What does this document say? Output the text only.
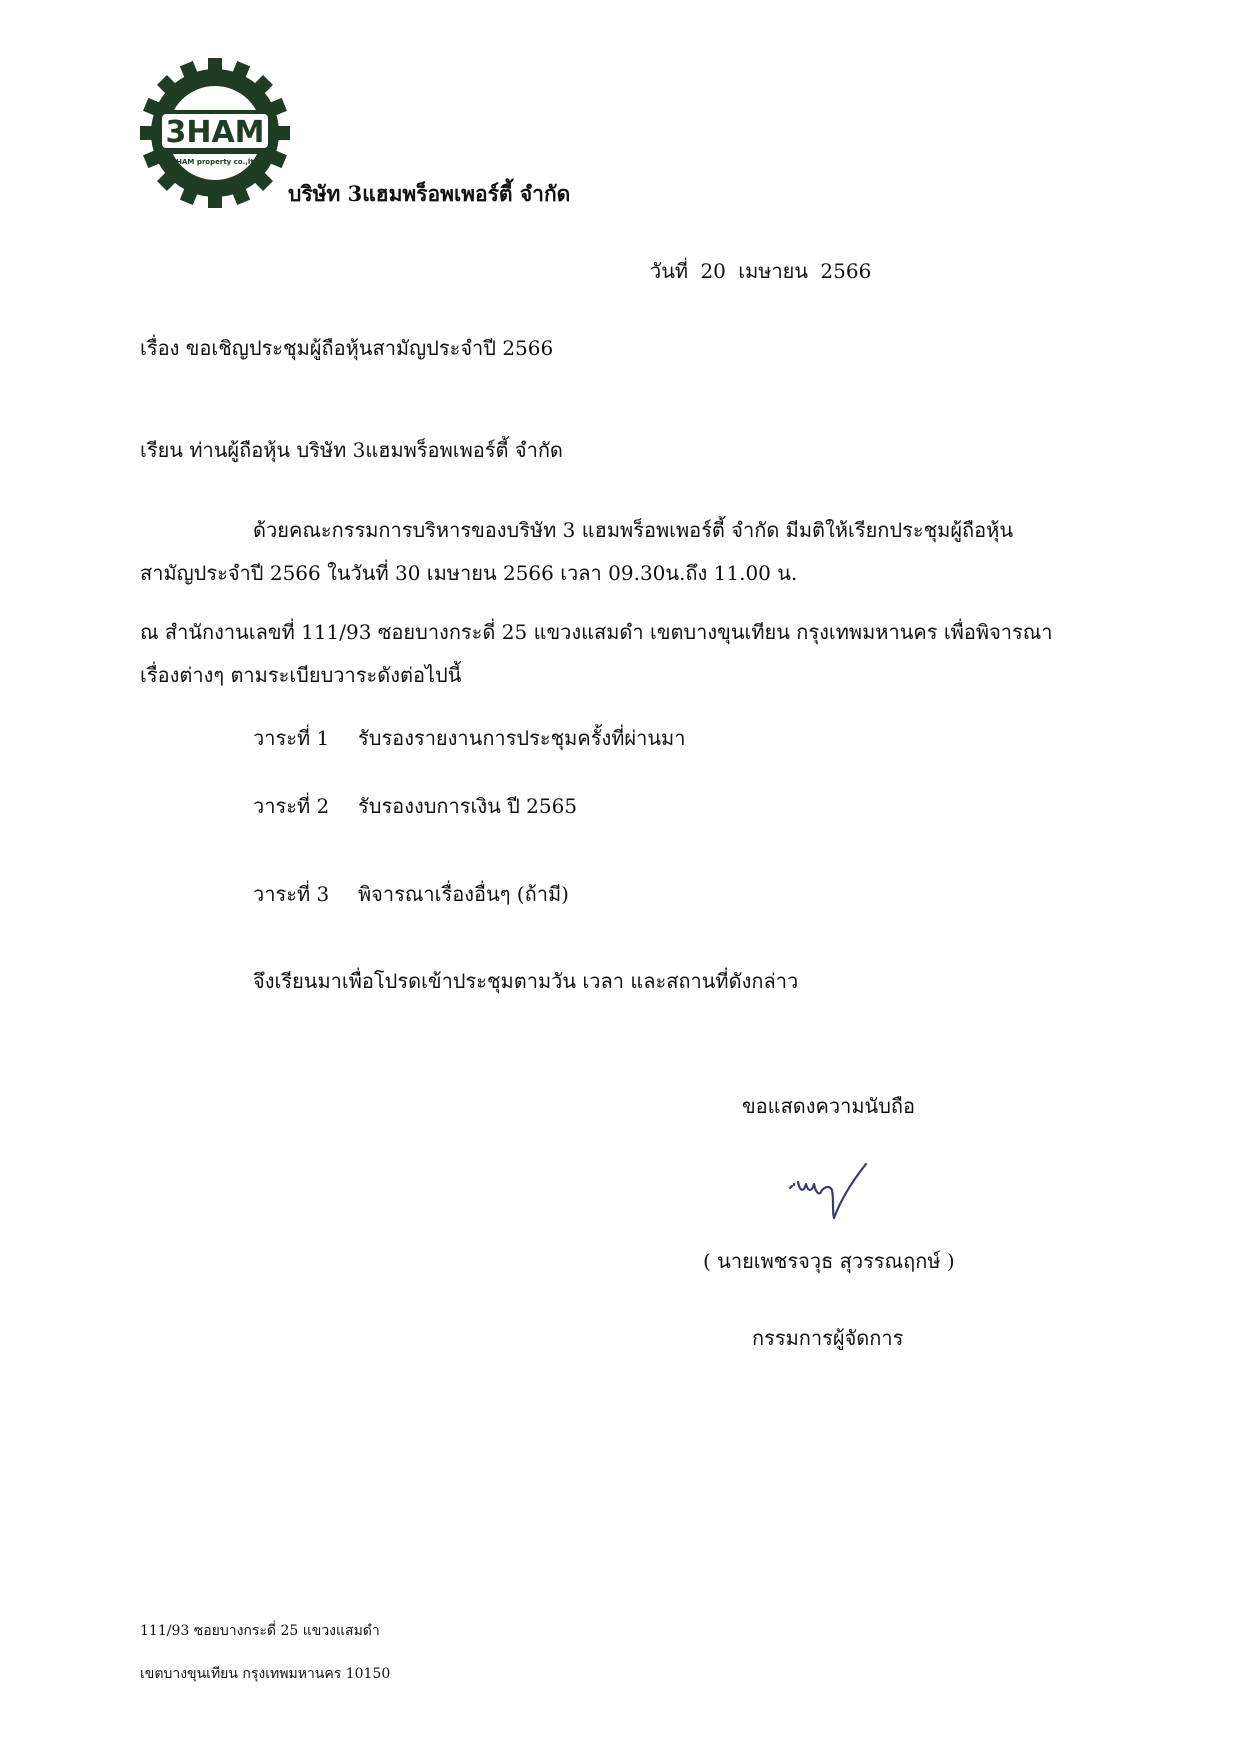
3HAM
3HAM property co.,ltd
บริษัท 3แฮมพร็อพเพอร์ตี้ จำกัด
วันที่ 20 เมษายน 2566
เรื่อง ขอเชิญประชุมผู้ถือหุ้นสามัญประจำปี 2566
เรียน ท่านผู้ถือหุ้น บริษัท 3แฮมพร็อพเพอร์ตี้ จำกัด
ด้วยคณะกรรมการบริหารของบริษัท 3 แฮมพร็อพเพอร์ตี้ จำกัด มีมติให้เรียกประชุมผู้ถือหุ้น
สามัญประจำปี 2566 ในวันที่ 30 เมษายน 2566 เวลา 09.30น.ถึง 11.00 น.
ณ สำนักงานเลขที่ 111/93 ซอยบางกระดี่ 25 แขวงแสมดำ เขตบางขุนเทียน กรุงเทพมหานคร เพื่อพิจารณา
เรื่องต่างๆ ตามระเบียบวาระดังต่อไปนี้
วาระที่ 1 รับรองรายงานการประชุมครั้งที่ผ่านมา
วาระที่ 2 รับรองงบการเงิน ปี 2565
วาระที่ 3 พิจารณาเรื่องอื่นๆ (ถ้ามี)
จึงเรียนมาเพื่อโปรดเข้าประชุมตามวัน เวลา และสถานที่ดังกล่าว
ขอแสดงความนับถือ
( นายเพชรจวุธ สุวรรณฤกษ์ )
กรรมการผู้จัดการ
111/93 ซอยบางกระดี่ 25 แขวงแสมดำ
เขตบางขุนเทียน กรุงเทพมหานคร 10150
